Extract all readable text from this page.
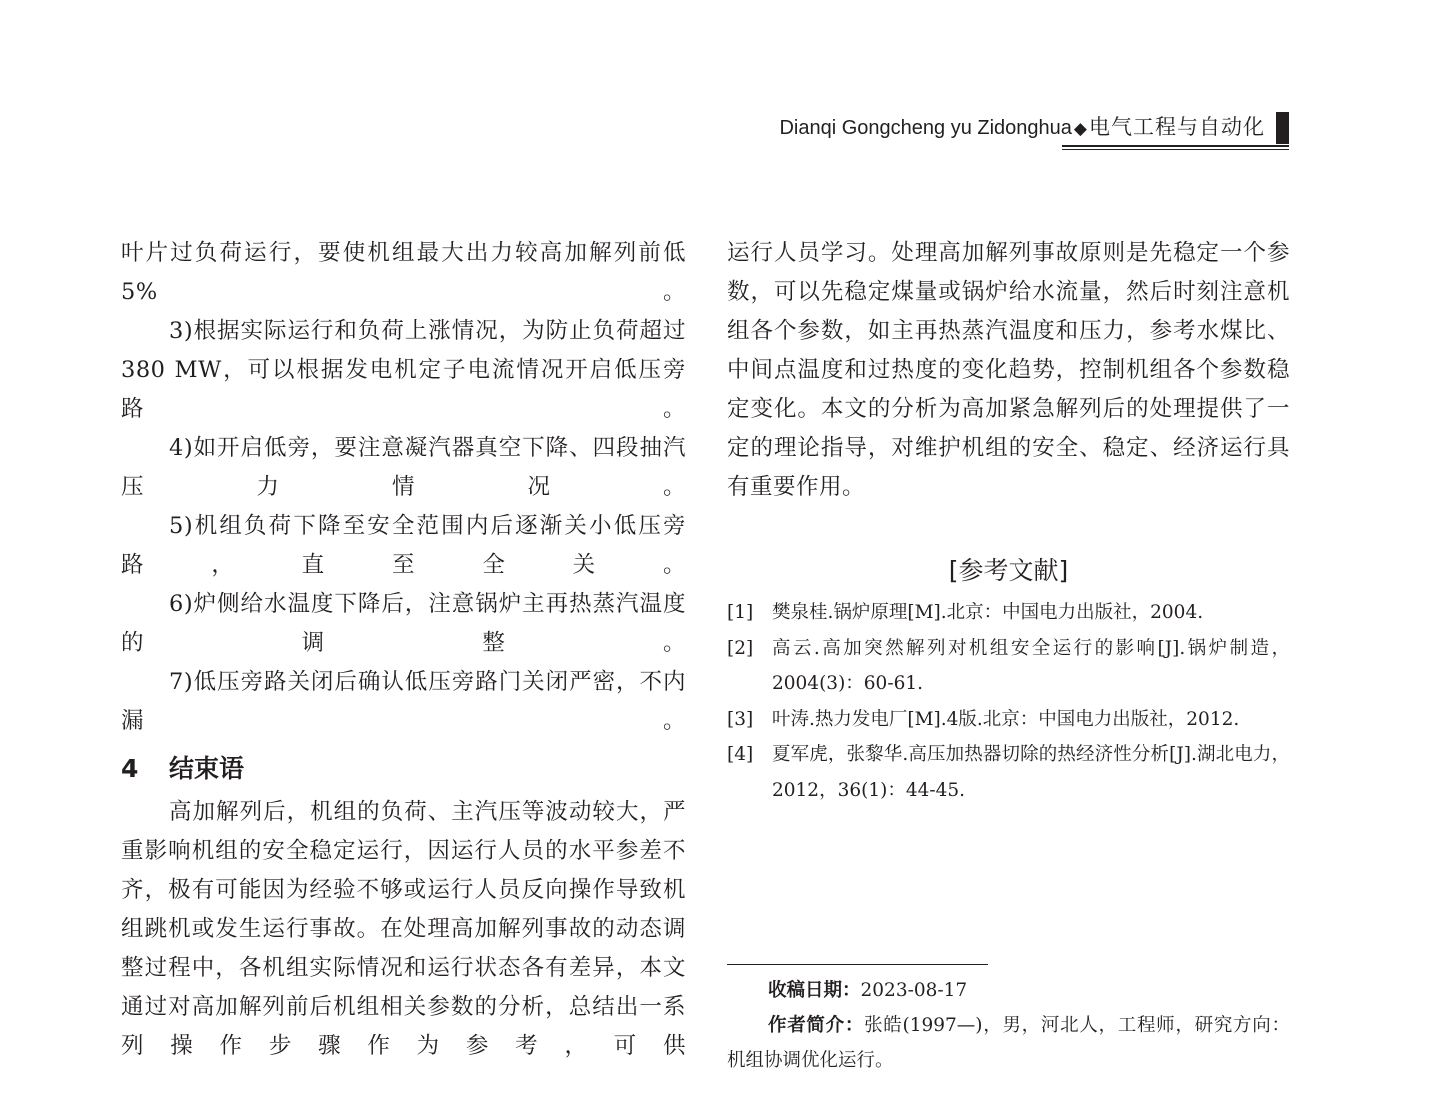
Dianqi Gongcheng yu Zidonghua ◆电气工程与自动化

叶片过负荷运行，要使机组最大出力较高加解列前低5%。

3)根据实际运行和负荷上涨情况，为防止负荷超过380 MW，可以根据发电机定子电流情况开启低压旁路。

4)如开启低旁，要注意凝汽器真空下降、四段抽汽压力情况。

5)机组负荷下降至安全范围内后逐渐关小低压旁路，直至全关。

6)炉侧给水温度下降后，注意锅炉主再热蒸汽温度的调整。

7)低压旁路关闭后确认低压旁路门关闭严密，不内漏。

4 结束语

高加解列后，机组的负荷、主汽压等波动较大，严重影响机组的安全稳定运行，因运行人员的水平参差不齐，极有可能因为经验不够或运行人员反向操作导致机组跳机或发生运行事故。在处理高加解列事故的动态调整过程中，各机组实际情况和运行状态各有差异，本文通过对高加解列前后机组相关参数的分析，总结出一系列操作步骤作为参考，可供

运行人员学习。处理高加解列事故原则是先稳定一个参数，可以先稳定煤量或锅炉给水流量，然后时刻注意机组各个参数，如主再热蒸汽温度和压力，参考水煤比、中间点温度和过热度的变化趋势，控制机组各个参数稳定变化。本文的分析为高加紧急解列后的处理提供了一定的理论指导，对维护机组的安全、稳定、经济运行具有重要作用。

[参考文献]
[1] 樊泉桂.锅炉原理[M].北京：中国电力出版社，2004.
[2] 高云.高加突然解列对机组安全运行的影响[J].锅炉制造，2004(3)：60-61.
[3] 叶涛.热力发电厂[M].4版.北京：中国电力出版社，2012.
[4] 夏军虎，张黎华.高压加热器切除的热经济性分析[J].湖北电力，2012，36(1)：44-45.

收稿日期：2023-08-17

作者简介：张皓(1997—)，男，河北人，工程师，研究方向：机组协调优化运行。
